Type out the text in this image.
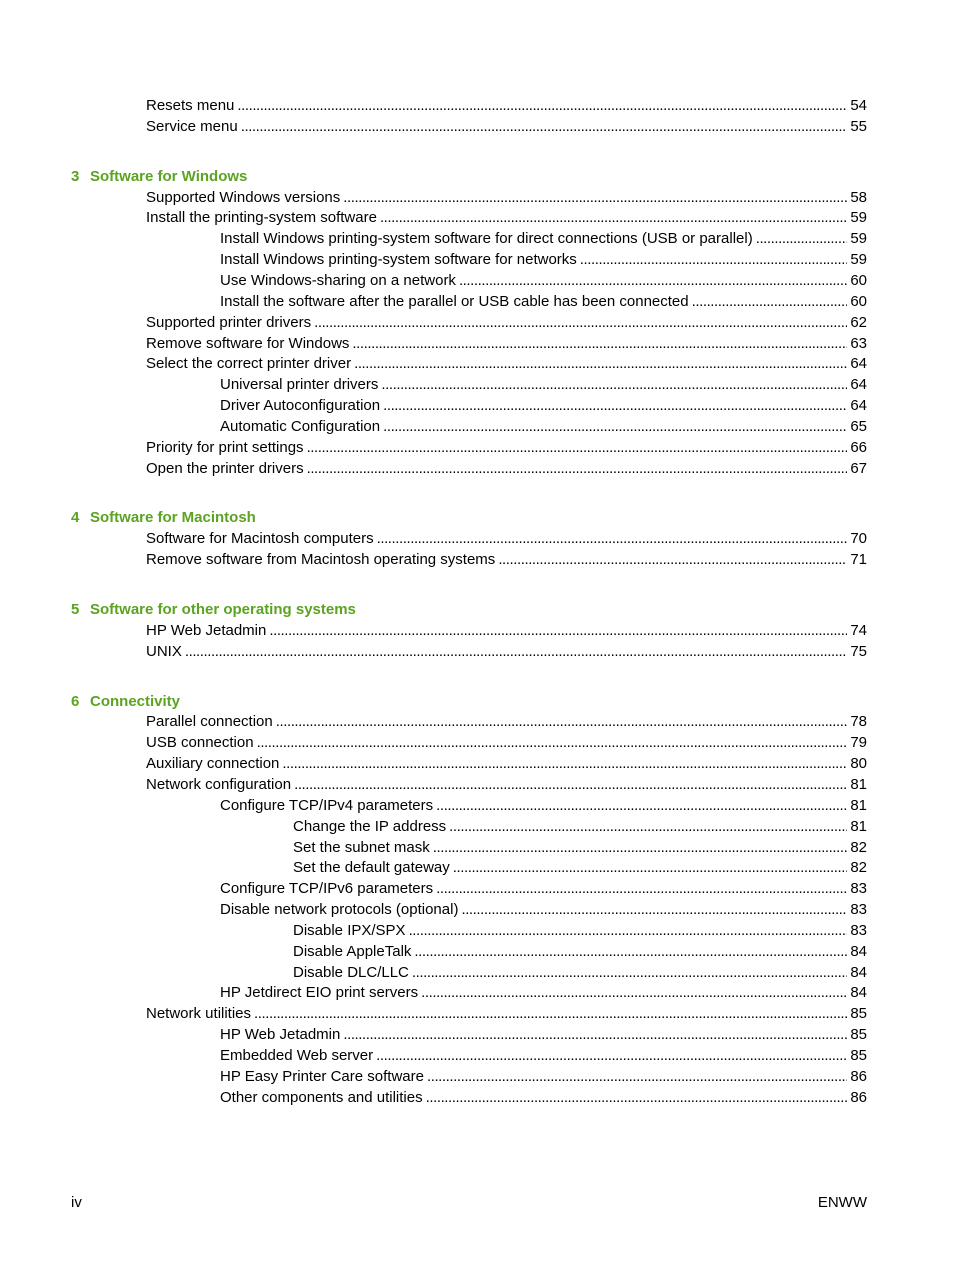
Resets menu . . .	54
Service menu . . .	55
3 Software for Windows
Supported Windows versions . . .	58
Install the printing-system software . . .	59
Install Windows printing-system software for direct connections (USB or parallel) . . .	59
Install Windows printing-system software for networks . . .	59
Use Windows-sharing on a network . . .	60
Install the software after the parallel or USB cable has been connected . . .	60
Supported printer drivers . . .	62
Remove software for Windows . . .	63
Select the correct printer driver . . .	64
Universal printer drivers . . .	64
Driver Autoconfiguration . . .	64
Automatic Configuration . . .	65
Priority for print settings . . .	66
Open the printer drivers . . .	67
4 Software for Macintosh
Software for Macintosh computers . . .	70
Remove software from Macintosh operating systems . . .	71
5 Software for other operating systems
HP Web Jetadmin . . .	74
UNIX . . .	75
6 Connectivity
Parallel connection . . .	78
USB connection . . .	79
Auxiliary connection . . .	80
Network configuration . . .	81
Configure TCP/IPv4 parameters . . .	81
Change the IP address . . .	81
Set the subnet mask . . .	82
Set the default gateway . . .	82
Configure TCP/IPv6 parameters . . .	83
Disable network protocols (optional) . . .	83
Disable IPX/SPX . . .	83
Disable AppleTalk . . .	84
Disable DLC/LLC . . .	84
HP Jetdirect EIO print servers . . .	84
Network utilities . . .	85
HP Web Jetadmin . . .	85
Embedded Web server . . .	85
HP Easy Printer Care software . . .	86
Other components and utilities . . .	86
iv	ENWW
